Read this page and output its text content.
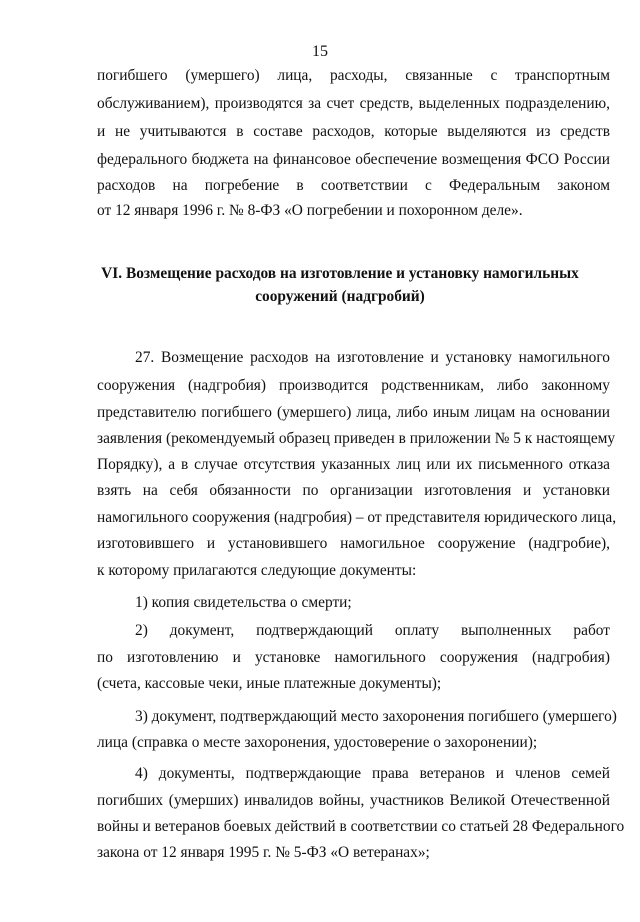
15
погибшего (умершего) лица, расходы, связанные с транспортным
обслуживанием), производятся за счет средств, выделенных подразделению,
и не учитываются в составе расходов, которые выделяются из средств
федерального бюджета на финансовое обеспечение возмещения ФСО России
расходов на погребение в соответствии с Федеральным законом
от 12 января 1996 г. № 8-ФЗ «О погребении и похоронном деле».
VI. Возмещение расходов на изготовление и установку намогильных
сооружений (надгробий)
27. Возмещение расходов на изготовление и установку намогильного
сооружения (надгробия) производится родственникам, либо законному
представителю погибшего (умершего) лица, либо иным лицам на основании
заявления (рекомендуемый образец приведен в приложении № 5 к настоящему
Порядку), а в случае отсутствия указанных лиц или их письменного отказа
взять на себя обязанности по организации изготовления и установки
намогильного сооружения (надгробия) – от представителя юридического лица,
изготовившего и установившего намогильное сооружение (надгробие),
к которому прилагаются следующие документы:
1) копия свидетельства о смерти;
2) документ, подтверждающий оплату выполненных работ
по изготовлению и установке намогильного сооружения (надгробия)
(счета, кассовые чеки, иные платежные документы);
3) документ, подтверждающий место захоронения погибшего (умершего)
лица (справка о месте захоронения, удостоверение о захоронении);
4) документы, подтверждающие права ветеранов и членов семей
погибших (умерших) инвалидов войны, участников Великой Отечественной
войны и ветеранов боевых действий в соответствии со статьей 28 Федерального
закона от 12 января 1995 г. № 5-ФЗ «О ветеранах»;
